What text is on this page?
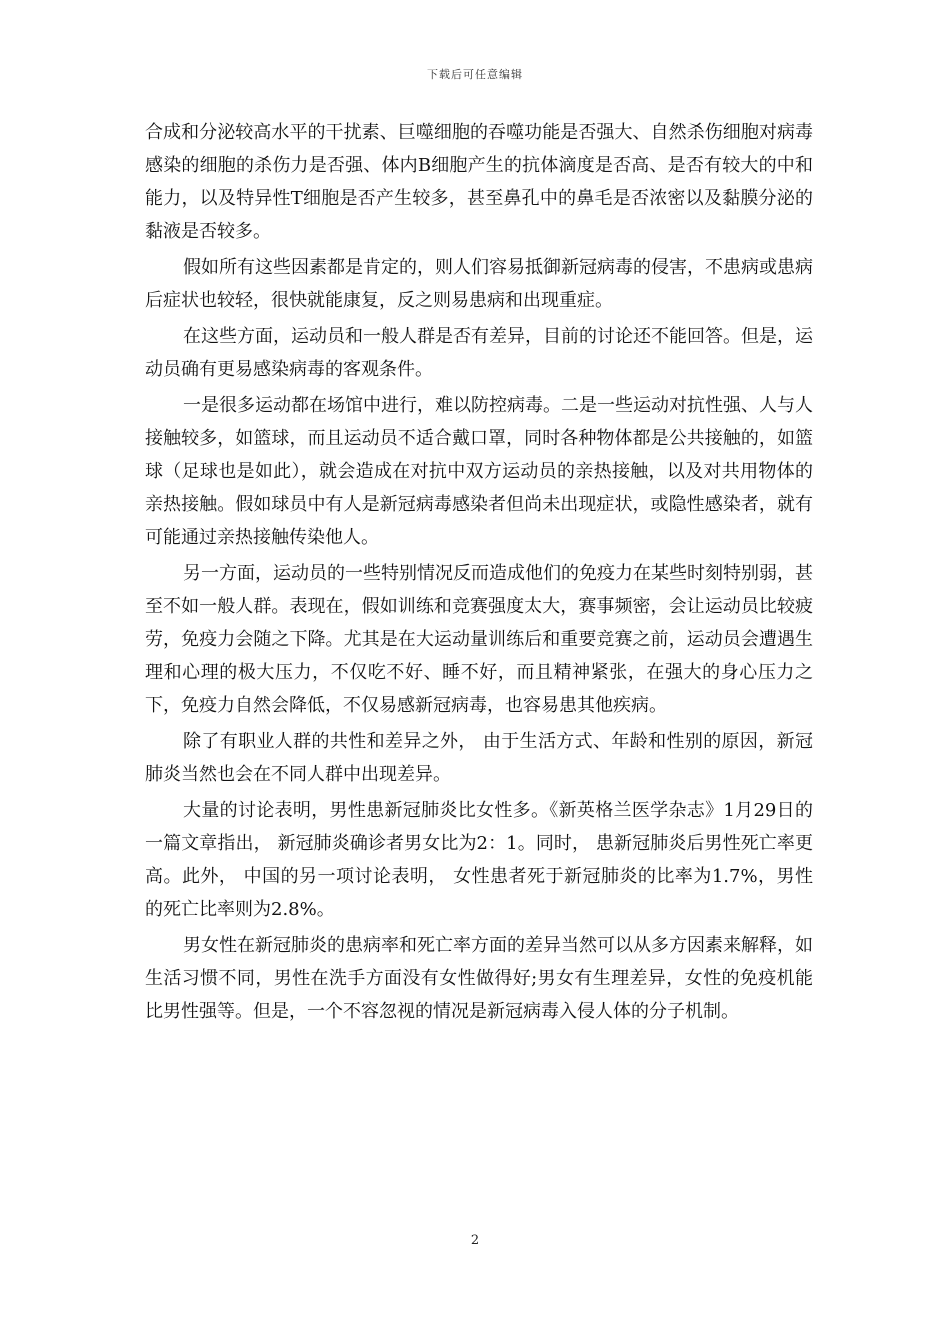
下载后可任意编辑

合成和分泌较高水平的干扰素、巨噬细胞的吞噬功能是否强大、自然杀伤细胞对病毒感染的细胞的杀伤力是否强、体内B细胞产生的抗体滴度是否高、是否有较大的中和能力，以及特异性T细胞是否产生较多，甚至鼻孔中的鼻毛是否浓密以及黏膜分泌的黏液是否较多。

假如所有这些因素都是肯定的，则人们容易抵御新冠病毒的侵害，不患病或患病后症状也较轻，很快就能康复，反之则易患病和出现重症。

在这些方面，运动员和一般人群是否有差异，目前的讨论还不能回答。但是，运动员确有更易感染病毒的客观条件。

一是很多运动都在场馆中进行，难以防控病毒。二是一些运动对抗性强、人与人接触较多，如篮球，而且运动员不适合戴口罩，同时各种物体都是公共接触的，如篮球（足球也是如此），就会造成在对抗中双方运动员的亲热接触，以及对共用物体的亲热接触。假如球员中有人是新冠病毒感染者但尚未出现症状，或隐性感染者，就有可能通过亲热接触传染他人。

另一方面，运动员的一些特别情况反而造成他们的免疫力在某些时刻特别弱，甚至不如一般人群。表现在，假如训练和竞赛强度太大，赛事频密，会让运动员比较疲劳，免疫力会随之下降。尤其是在大运动量训练后和重要竞赛之前，运动员会遭遇生理和心理的极大压力，不仅吃不好、睡不好，而且精神紧张，在强大的身心压力之下，免疫力自然会降低，不仅易感新冠病毒，也容易患其他疾病。

除了有职业人群的共性和差异之外， 由于生活方式、年龄和性别的原因，新冠肺炎当然也会在不同人群中出现差异。

大量的讨论表明，男性患新冠肺炎比女性多。《新英格兰医学杂志》1月29日的一篇文章指出， 新冠肺炎确诊者男女比为2：1。同时， 患新冠肺炎后男性死亡率更高。此外， 中国的另一项讨论表明， 女性患者死于新冠肺炎的比率为1.7%，男性的死亡比率则为2.8%。

男女性在新冠肺炎的患病率和死亡率方面的差异当然可以从多方因素来解释，如生活习惯不同，男性在洗手方面没有女性做得好;男女有生理差异，女性的免疫机能比男性强等。但是，一个不容忽视的情况是新冠病毒入侵人体的分子机制。

2
